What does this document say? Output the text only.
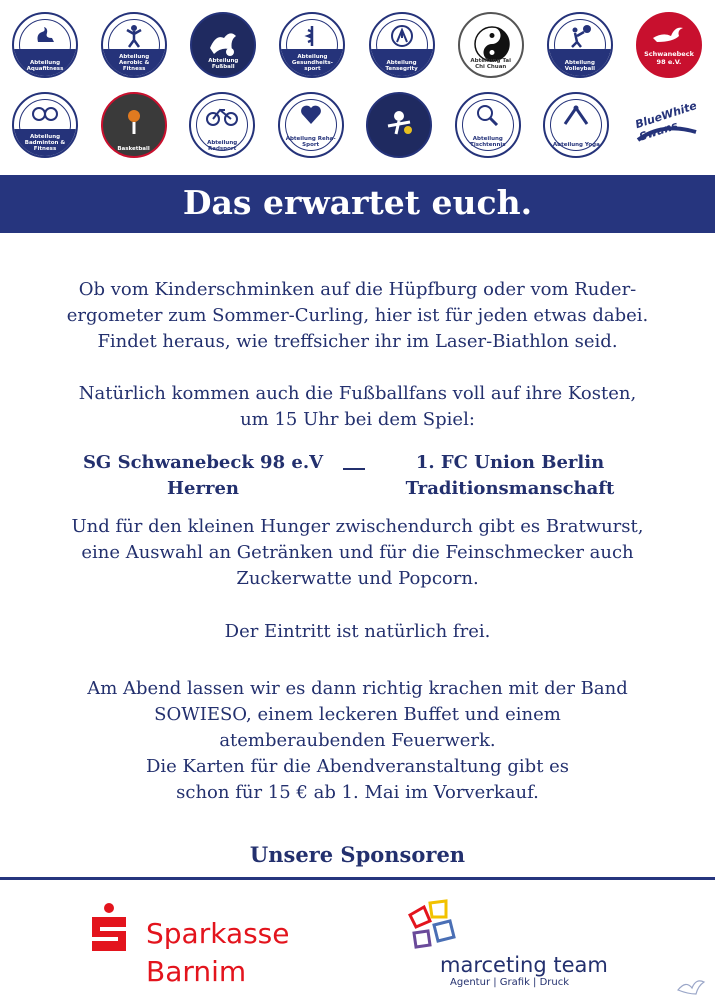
Abteilung Aquafitness
Abteilung Aerobic & Fitness
Abteilung Fußball
Abteilung Gesundheits- sport
Abteilung Tensegrity
Abteilung Tai Chi Chuan
Abteilung Volleyball
Schwanebeck 98 e.V.
Abteilung Badminton & Fitness	Basketball
Abteilung Radsport
Abteilung Reha-Sport
Abteilung Tischtennis	Abteilung Yoga
BlueWhite Swans
Das erwartet euch.
Ob vom Kinderschminken auf die Hüpfburg oder vom Ruder-
ergometer zum Sommer-Curling, hier ist für jeden etwas dabei.
Findet heraus, wie treffsicher ihr im Laser-Biathlon seid.
Natürlich kommen auch die Fußballfans voll auf ihre Kosten,
um 15 Uhr bei dem Spiel:
SG Schwanebeck 98 e.V
Herren
1. FC Union Berlin
Traditionsmanschaft
Und für den kleinen Hunger zwischendurch gibt es Bratwurst,
eine Auswahl an Getränken und für die Feinschmecker auch
Zuckerwatte und Popcorn.
Der Eintritt ist natürlich frei.
Am Abend lassen wir es dann richtig krachen mit der Band
SOWIESO, einem leckeren Buffet und einem
atemberaubenden Feuerwerk.
Die Karten für die Abendveranstaltung gibt es
schon für 15 € ab 1. Mai im Vorverkauf.
Unsere Sponsoren
Sparkasse
Barnim	marceting team
Agentur | Grafik | Druck
